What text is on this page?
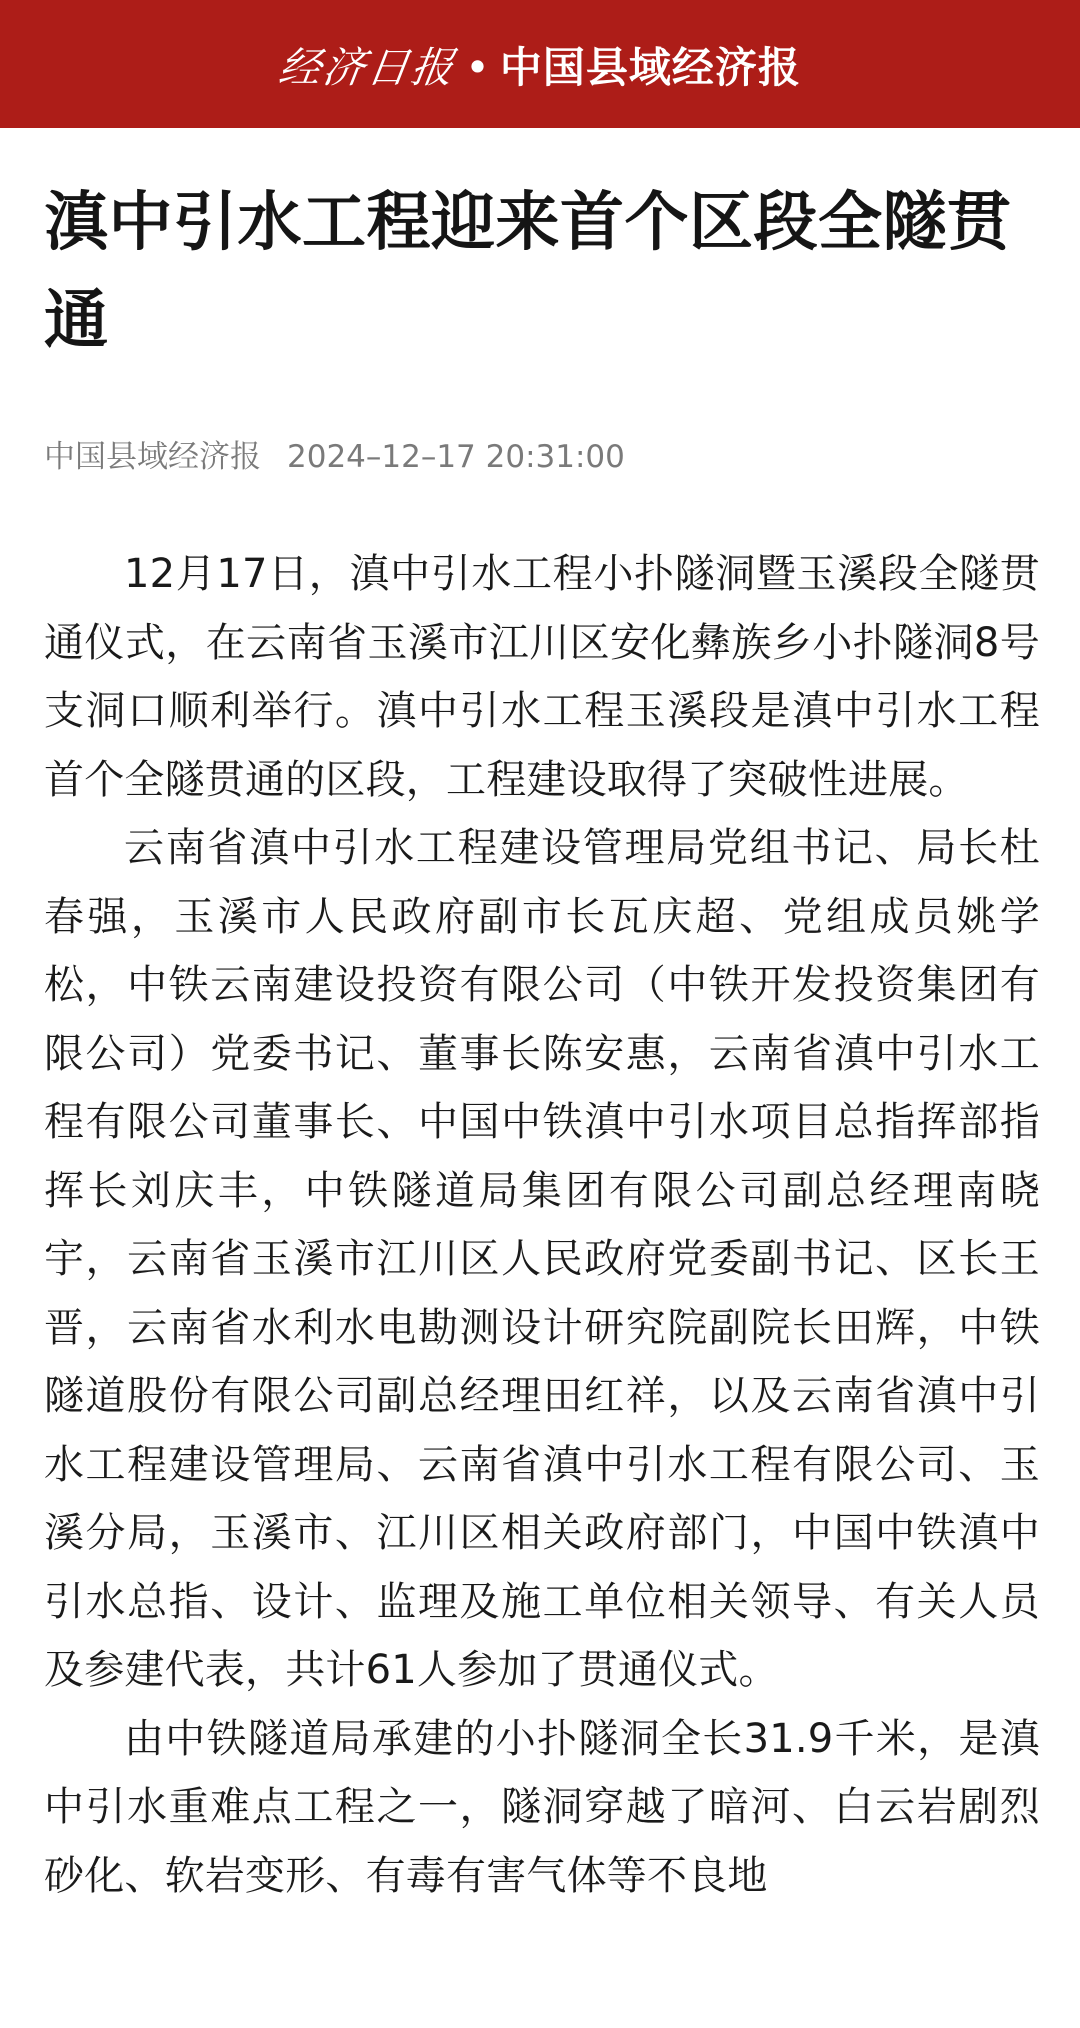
经济日报 • 中国县域经济报
滇中引水工程迎来首个区段全隧贯通
中国县域经济报 2024–12–17 20:31:00

12月17日，滇中引水工程小扑隧洞暨玉溪段全隧贯通仪式，在云南省玉溪市江川区安化彝族乡小扑隧洞8号支洞口顺利举行。滇中引水工程玉溪段是滇中引水工程首个全隧贯通的区段，工程建设取得了突破性进展。

云南省滇中引水工程建设管理局党组书记、局长杜春强，玉溪市人民政府副市长瓦庆超、党组成员姚学松，中铁云南建设投资有限公司（中铁开发投资集团有限公司）党委书记、董事长陈安惠，云南省滇中引水工程有限公司董事长、中国中铁滇中引水项目总指挥部指挥长刘庆丰，中铁隧道局集团有限公司副总经理南晓宇，云南省玉溪市江川区人民政府党委副书记、区长王晋，云南省水利水电勘测设计研究院副院长田辉，中铁隧道股份有限公司副总经理田红祥，以及云南省滇中引水工程建设管理局、云南省滇中引水工程有限公司、玉溪分局，玉溪市、江川区相关政府部门，中国中铁滇中引水总指、设计、监理及施工单位相关领导、有关人员及参建代表，共计61人参加了贯通仪式。

由中铁隧道局承建的小扑隧洞全长31.9千米，是滇中引水重难点工程之一，隧洞穿越了暗河、白云岩剧烈砂化、软岩变形、有毒有害气体等不良地
